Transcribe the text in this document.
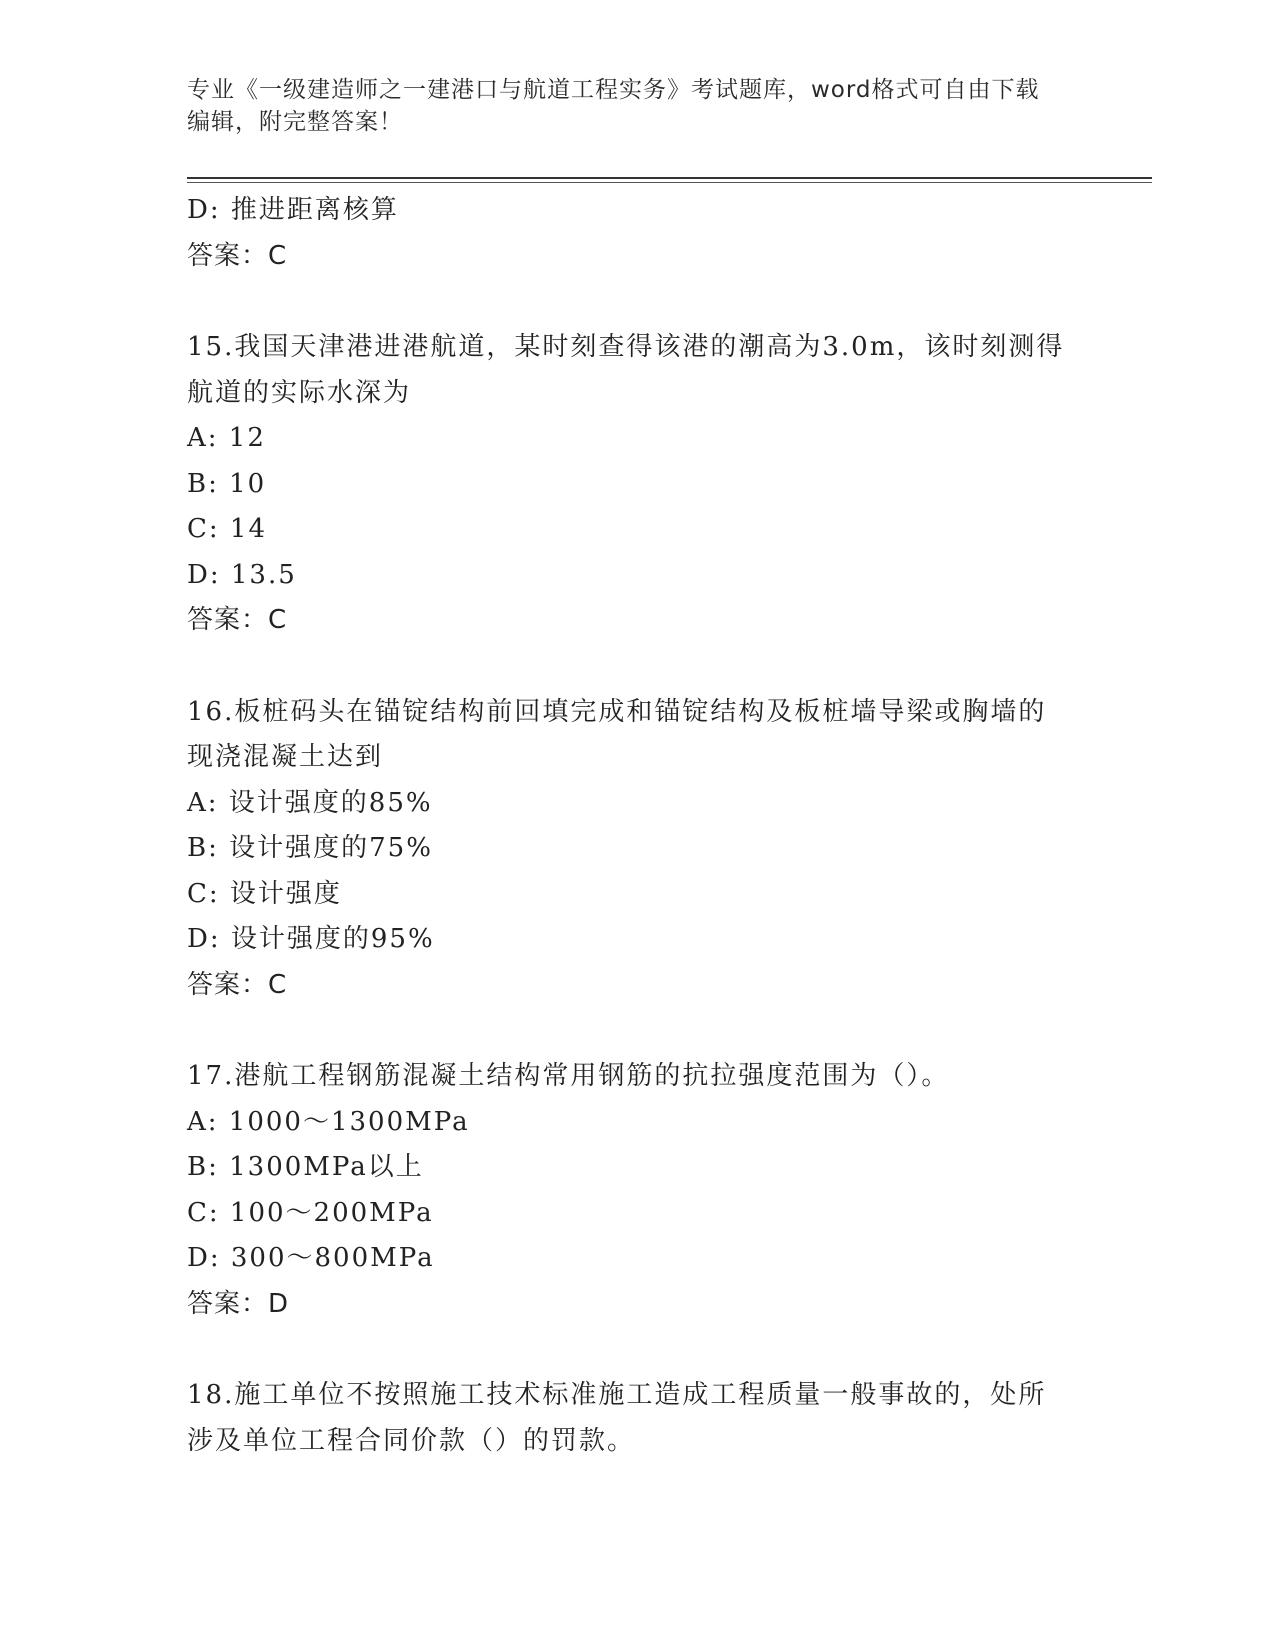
专业《一级建造师之一建港口与航道工程实务》考试题库，word格式可自由下载
编辑，附完整答案！
D: 推进距离核算
答案：C
15.我国天津港进港航道，某时刻查得该港的潮高为3.0m，该时刻测得
航道的实际水深为
A: 12
B: 10
C: 14
D: 13.5
答案：C
16.板桩码头在锚锭结构前回填完成和锚锭结构及板桩墙导梁或胸墙的
现浇混凝土达到
A: 设计强度的85%
B: 设计强度的75%
C: 设计强度
D: 设计强度的95%
答案：C
17.港航工程钢筋混凝土结构常用钢筋的抗拉强度范围为（）。
A: 1000～1300MPa
B: 1300MPa以上
C: 100～200MPa
D: 300～800MPa
答案：D
18.施工单位不按照施工技术标准施工造成工程质量一般事故的，处所
涉及单位工程合同价款（）的罚款。
